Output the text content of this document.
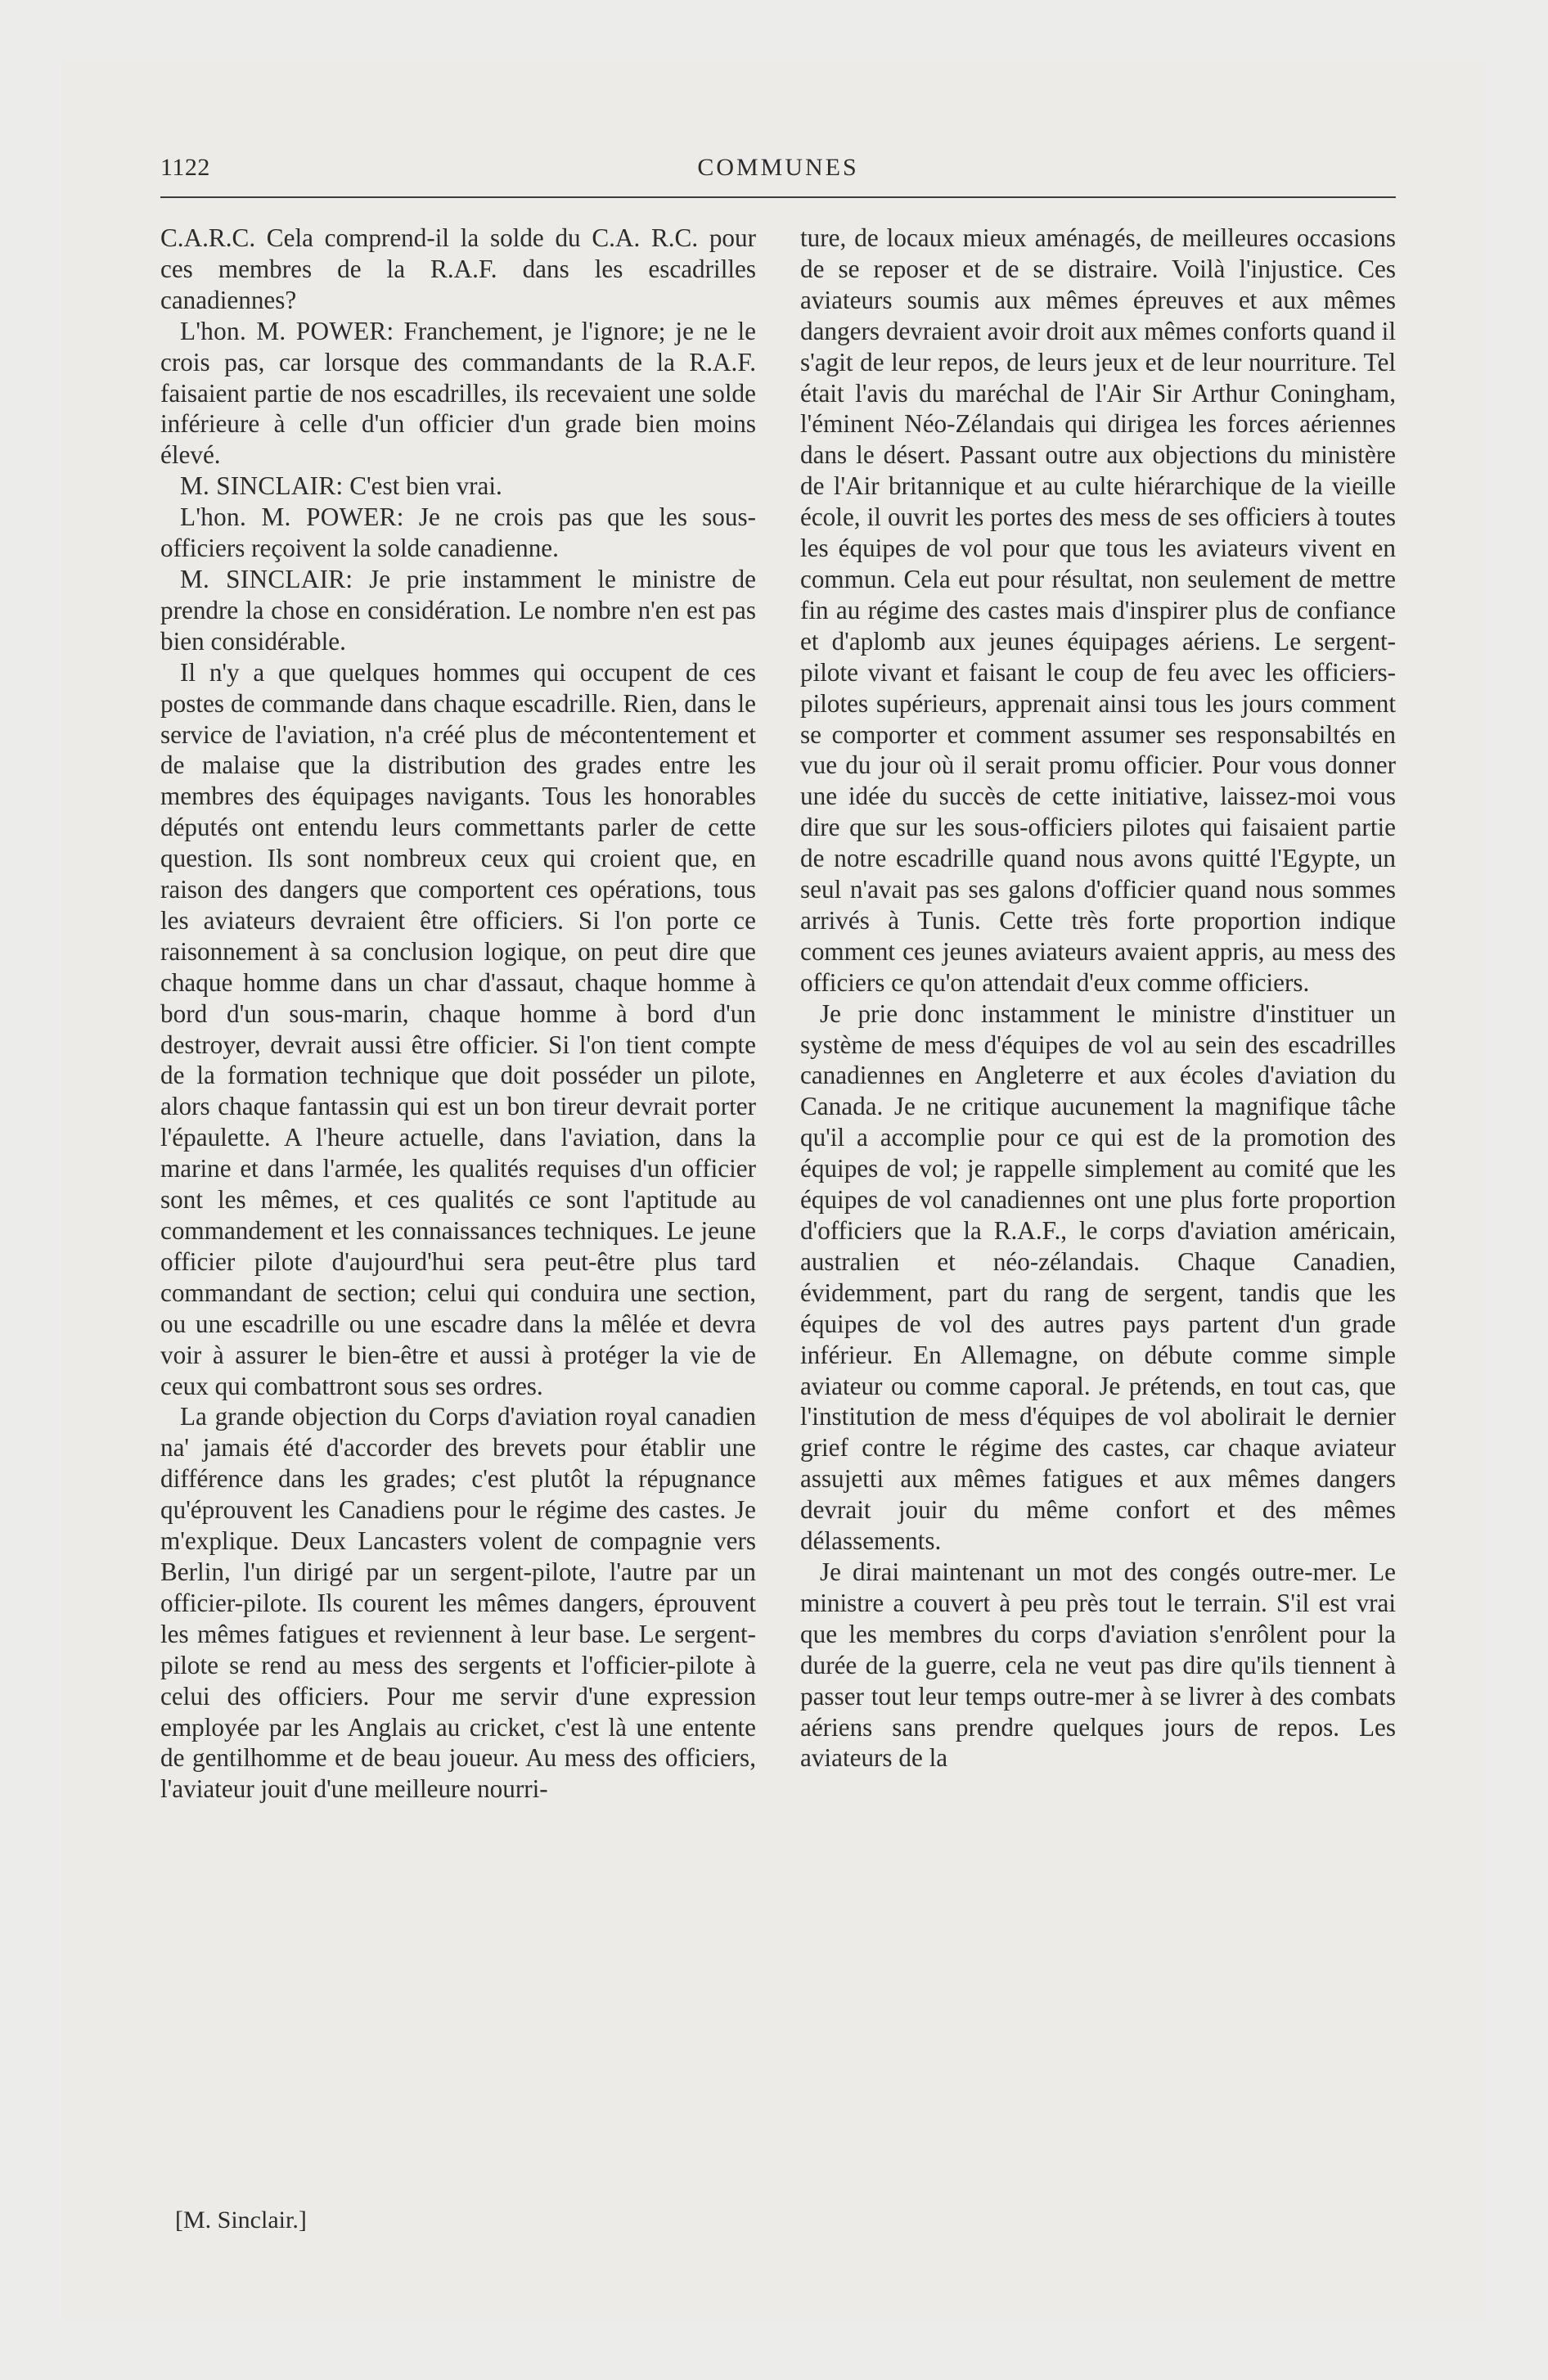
1122	COMMUNES

C.A.R.C. Cela comprend-il la solde du C.A. R.C. pour ces membres de la R.A.F. dans les escadrilles canadiennes?

L'hon. M. POWER: Franchement, je l'ignore; je ne le crois pas, car lorsque des commandants de la R.A.F. faisaient partie de nos escadrilles, ils recevaient une solde inférieure à celle d'un officier d'un grade bien moins élevé.

M. SINCLAIR: C'est bien vrai.

L'hon. M. POWER: Je ne crois pas que les sous-officiers reçoivent la solde canadienne.

M. SINCLAIR: Je prie instamment le ministre de prendre la chose en considération. Le nombre n'en est pas bien considérable.

Il n'y a que quelques hommes qui occupent de ces postes de commande dans chaque escadrille. Rien, dans le service de l'aviation, n'a créé plus de mécontentement et de malaise que la distribution des grades entre les membres des équipages navigants. Tous les honorables députés ont entendu leurs commettants parler de cette question. Ils sont nombreux ceux qui croient que, en raison des dangers que comportent ces opérations, tous les aviateurs devraient être officiers. Si l'on porte ce raisonnement à sa conclusion logique, on peut dire que chaque homme dans un char d'assaut, chaque homme à bord d'un sous-marin, chaque homme à bord d'un destroyer, devrait aussi être officier. Si l'on tient compte de la formation technique que doit posséder un pilote, alors chaque fantassin qui est un bon tireur devrait porter l'épaulette. A l'heure actuelle, dans l'aviation, dans la marine et dans l'armée, les qualités requises d'un officier sont les mêmes, et ces qualités ce sont l'aptitude au commandement et les connaissances techniques. Le jeune officier pilote d'aujourd'hui sera peut-être plus tard commandant de section; celui qui conduira une section, ou une escadrille ou une escadre dans la mêlée et devra voir à assurer le bien-être et aussi à protéger la vie de ceux qui combattront sous ses ordres.

La grande objection du Corps d'aviation royal canadien na' jamais été d'accorder des brevets pour établir une différence dans les grades; c'est plutôt la répugnance qu'éprouvent les Canadiens pour le régime des castes. Je m'explique. Deux Lancasters volent de compagnie vers Berlin, l'un dirigé par un sergent-pilote, l'autre par un officier-pilote. Ils courent les mêmes dangers, éprouvent les mêmes fatigues et reviennent à leur base. Le sergent-pilote se rend au mess des sergents et l'officier-pilote à celui des officiers. Pour me servir d'une expression employée par les Anglais au cricket, c'est là une entente de gentilhomme et de beau joueur. Au mess des officiers, l'aviateur jouit d'une meilleure nourri-

[M. Sinclair.]

ture, de locaux mieux aménagés, de meilleures occasions de se reposer et de se distraire. Voilà l'injustice. Ces aviateurs soumis aux mêmes épreuves et aux mêmes dangers devraient avoir droit aux mêmes conforts quand il s'agit de leur repos, de leurs jeux et de leur nourriture. Tel était l'avis du maréchal de l'Air Sir Arthur Coningham, l'éminent Néo-Zélandais qui dirigea les forces aériennes dans le désert. Passant outre aux objections du ministère de l'Air britannique et au culte hiérarchique de la vieille école, il ouvrit les portes des mess de ses officiers à toutes les équipes de vol pour que tous les aviateurs vivent en commun. Cela eut pour résultat, non seulement de mettre fin au régime des castes mais d'inspirer plus de confiance et d'aplomb aux jeunes équipages aériens. Le sergent-pilote vivant et faisant le coup de feu avec les officiers-pilotes supérieurs, apprenait ainsi tous les jours comment se comporter et comment assumer ses responsabiltés en vue du jour où il serait promu officier. Pour vous donner une idée du succès de cette initiative, laissez-moi vous dire que sur les sous-officiers pilotes qui faisaient partie de notre escadrille quand nous avons quitté l'Egypte, un seul n'avait pas ses galons d'officier quand nous sommes arrivés à Tunis. Cette très forte proportion indique comment ces jeunes aviateurs avaient appris, au mess des officiers ce qu'on attendait d'eux comme officiers.

Je prie donc instamment le ministre d'instituer un système de mess d'équipes de vol au sein des escadrilles canadiennes en Angleterre et aux écoles d'aviation du Canada. Je ne critique aucunement la magnifique tâche qu'il a accomplie pour ce qui est de la promotion des équipes de vol; je rappelle simplement au comité que les équipes de vol canadiennes ont une plus forte proportion d'officiers que la R.A.F., le corps d'aviation américain, australien et néo-zélandais. Chaque Canadien, évidemment, part du rang de sergent, tandis que les équipes de vol des autres pays partent d'un grade inférieur. En Allemagne, on débute comme simple aviateur ou comme caporal. Je prétends, en tout cas, que l'institution de mess d'équipes de vol abolirait le dernier grief contre le régime des castes, car chaque aviateur assujetti aux mêmes fatigues et aux mêmes dangers devrait jouir du même confort et des mêmes délassements.

Je dirai maintenant un mot des congés outre-mer. Le ministre a couvert à peu près tout le terrain. S'il est vrai que les membres du corps d'aviation s'enrôlent pour la durée de la guerre, cela ne veut pas dire qu'ils tiennent à passer tout leur temps outre-mer à se livrer à des combats aériens sans prendre quelques jours de repos. Les aviateurs de la
